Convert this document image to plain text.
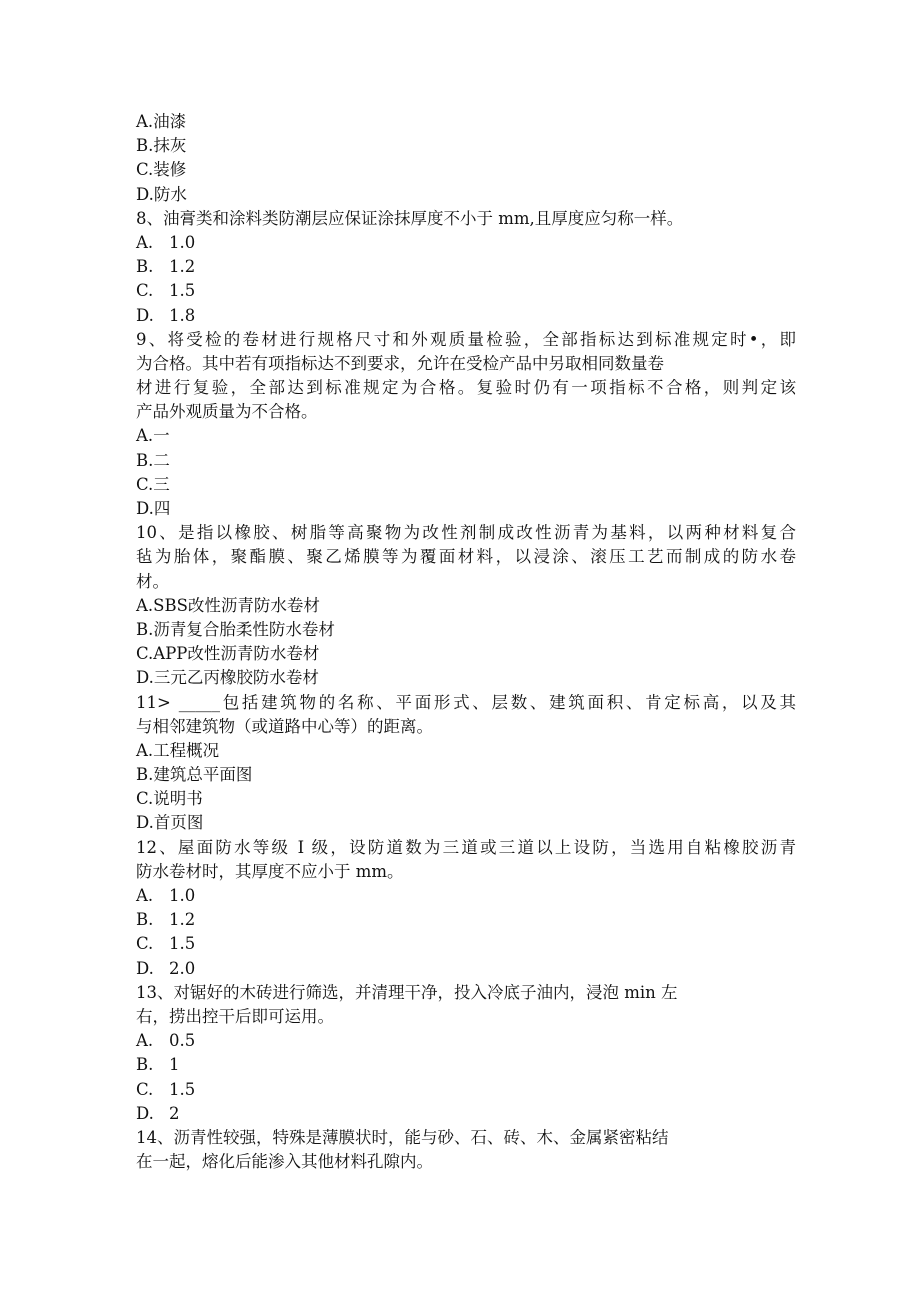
A.油漆
B.抹灰
C.装修
D.防水
8、油膏类和涂料类防潮层应保证涂抹厚度不小于 mm,且厚度应匀称一样。
A. 1.0
B. 1.2
C. 1.5
D. 1.8
9、将受检的卷材进行规格尺寸和外观质量检验，全部指标达到标准规定时•，即
为合格。其中若有项指标达不到要求，允许在受检产品中另取相同数量卷
材进行复验，全部达到标准规定为合格。复验时仍有一项指标不合格，则判定该
产品外观质量为不合格。
A.一
B.二
C.三
D.四
10、是指以橡胶、树脂等高聚物为改性剂制成改性沥青为基料，以两种材料复合
毡为胎体，聚酯膜、聚乙烯膜等为覆面材料，以浸涂、滚压工艺而制成的防水卷
材。
A.SBS改性沥青防水卷材
B.沥青复合胎柔性防水卷材
C.APP改性沥青防水卷材
D.三元乙丙橡胶防水卷材
11> _____包括建筑物的名称、平面形式、层数、建筑面积、肯定标高，以及其
与相邻建筑物（或道路中心等）的距离。
A.工程概况
B.建筑总平面图
C.说明书
D.首页图
12、屋面防水等级 I 级，设防道数为三道或三道以上设防，当选用自粘橡胶沥青
防水卷材时，其厚度不应小于 mm。
A. 1.0
B. 1.2
C. 1.5
D. 2.0
13、对锯好的木砖进行筛选，并清理干净，投入冷底子油内，浸泡 min 左
右，捞出控干后即可运用。
A. 0.5
B. 1
C. 1.5
D. 2
14、沥青性较强，特殊是薄膜状时，能与砂、石、砖、木、金属紧密粘结
在一起，熔化后能渗入其他材料孔隙内。
